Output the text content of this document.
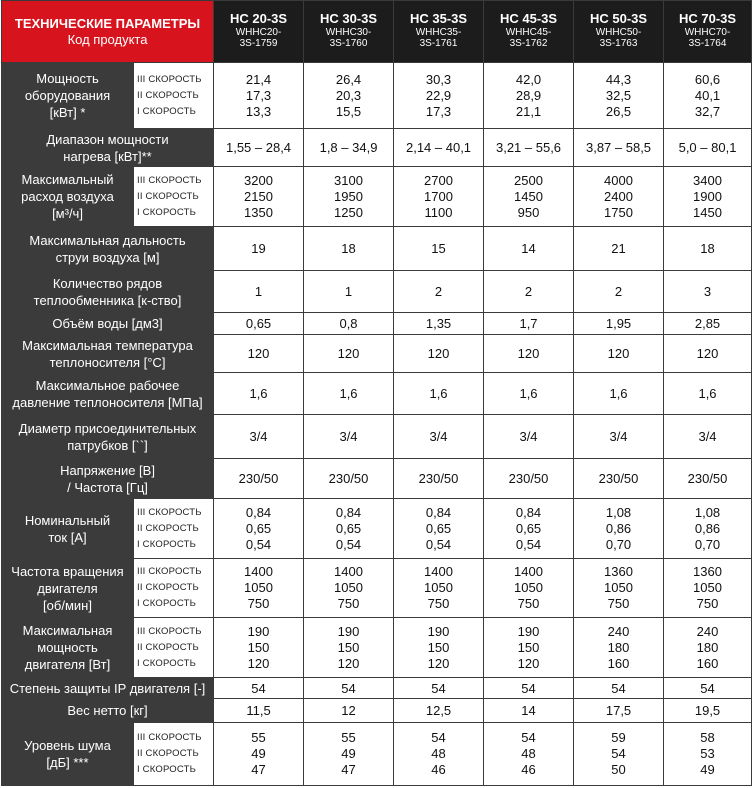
ТЕХНИЧЕСКИЕ ПАРАМЕТРЫ
Код продукта		HC 20-3S
WHHC20-
3S-1759	HC 30-3S
WHHC30-
3S-1760	HC 35-3S
WHHC35-
3S-1761	HC 45-3S
WHHC45-
3S-1762	HC 50-3S
WHHC50-
3S-1763	HC 70-3S
WHHC70-
3S-1764

Мощность
оборудования
[кВт] *	III СКОРОСТЬ
II СКОРОСТЬ
I СКОРОСТЬ	21,4
17,3
13,3	26,4
20,3
15,5	30,3
22,9
17,3	42,0
28,9
21,1	44,3
32,5
26,5	60,6
40,1
32,7

Диапазон мощности
нагрева [кВт]**		1,55 – 28,4	1,8 – 34,9	2,14 – 40,1	3,21 – 55,6	3,87 – 58,5	5,0 – 80,1

Максимальный
расход воздуха
[м³/ч]	III СКОРОСТЬ
II СКОРОСТЬ
I СКОРОСТЬ	3200
2150
1350	3100
1950
1250	2700
1700
1100	2500
1450
950	4000
2400
1750	3400
1900
1450

Максимальная дальность
струи воздуха [м]		19	18	15	14	21	18

Количество рядов
теплообменника [к-ство]		1	1	2	2	2	3

Объём воды [дм3]		0,65	0,8	1,35	1,7	1,95	2,85

Максимальная температура
теплоносителя [°C]		120	120	120	120	120	120

Максимальное рабочее
давление теплоносителя [МПа]		1,6	1,6	1,6	1,6	1,6	1,6

Диаметр присоединительных
патрубков [``]		3/4	3/4	3/4	3/4	3/4	3/4

Напряжение [В]
/ Частота [Гц]		230/50	230/50	230/50	230/50	230/50	230/50

Номинальный
ток [А]	III СКОРОСТЬ
II СКОРОСТЬ
I СКОРОСТЬ	0,84
0,65
0,54	0,84
0,65
0,54	0,84
0,65
0,54	0,84
0,65
0,54	1,08
0,86
0,70	1,08
0,86
0,70

Частота вращения
двигателя
[об/мин]	III СКОРОСТЬ
II СКОРОСТЬ
I СКОРОСТЬ	1400
1050
750	1400
1050
750	1400
1050
750	1400
1050
750	1360
1050
750	1360
1050
750

Максимальная
мощность
двигателя [Вт]	III СКОРОСТЬ
II СКОРОСТЬ
I СКОРОСТЬ	190
150
120	190
150
120	190
150
120	190
150
120	240
180
160	240
180
160

Степень защиты IP двигателя [-]		54	54	54	54	54	54

Вес нетто [кг]		11,5	12	12,5	14	17,5	19,5

Уровень шума
[дБ] ***	III СКОРОСТЬ
II СКОРОСТЬ
I СКОРОСТЬ	55
49
47	55
49
47	54
48
46	54
48
46	59
54
50	58
53
49
